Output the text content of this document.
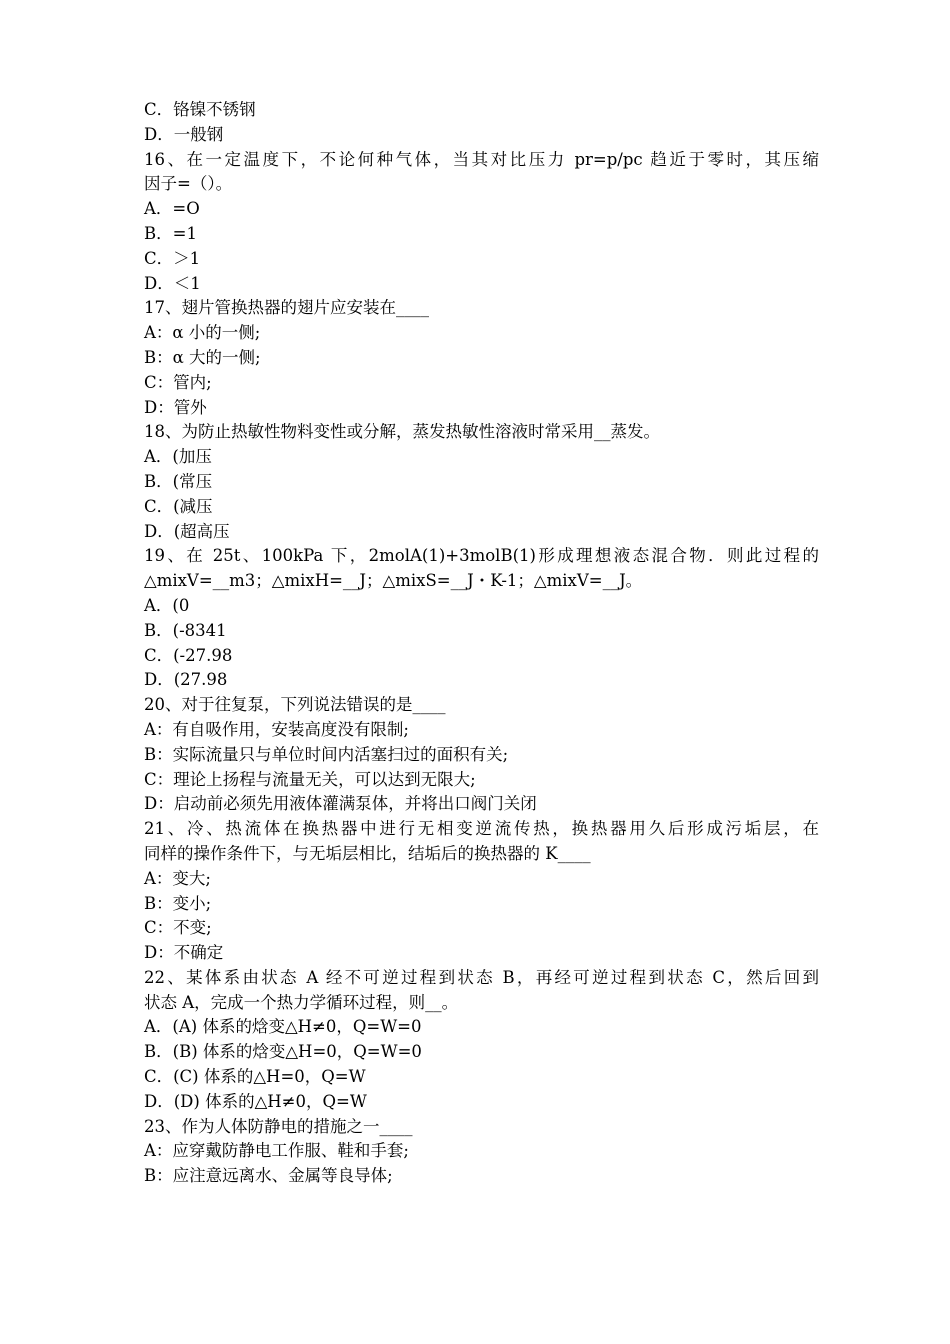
C．铬镍不锈钢
D．一般钢
16、在一定温度下，不论何种气体，当其对比压力 pr=p/pc 趋近于零时，其压缩
因子=（）。
A．=O
B．=1
C．＞1
D．＜1
17、翅片管换热器的翅片应安装在____
A：α 小的一侧;
B：α 大的一侧;
C：管内;
D：管外
18、为防止热敏性物料变性或分解，蒸发热敏性溶液时常采用__蒸发。
A．(加压
B．(常压
C．(减压
D．(超高压
19、在 25t、100kPa 下，2molA(1)+3molB(1)形成理想液态混合物．则此过程的
△mixV=__m3；△mixH=__J；△mixS=__J・K-1；△mixV=__J。
A．(0
B．(-8341
C．(-27.98
D．(27.98
20、对于往复泵，下列说法错误的是____
A：有自吸作用，安装高度没有限制;
B：实际流量只与单位时间内活塞扫过的面积有关;
C：理论上扬程与流量无关，可以达到无限大;
D：启动前必须先用液体灌满泵体，并将出口阀门关闭
21、冷、热流体在换热器中进行无相变逆流传热，换热器用久后形成污垢层，在
同样的操作条件下，与无垢层相比，结垢后的换热器的 K____
A：变大;
B：变小;
C：不变;
D：不确定
22、某体系由状态 A 经不可逆过程到状态 B，再经可逆过程到状态 C，然后回到
状态 A，完成一个热力学循环过程，则__。
A．(A) 体系的焓变△H≠0，Q=W=0
B．(B) 体系的焓变△H=0，Q=W=0
C．(C) 体系的△H=0，Q=W
D．(D) 体系的△H≠0，Q=W
23、作为人体防静电的措施之一____
A：应穿戴防静电工作服、鞋和手套;
B：应注意远离水、金属等良导体;
